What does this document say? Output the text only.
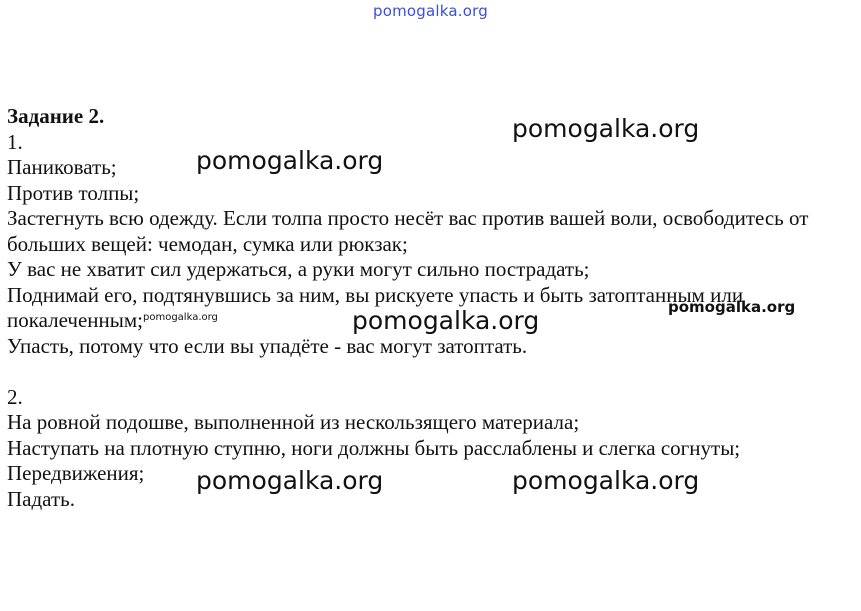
pomogalka.org
Задание 2.
1.
Паниковать;
Против толпы;
Застегнуть всю одежду. Если толпа просто несёт вас против вашей воли, освободитесь от
больших вещей: чемодан, сумка или рюкзак;
У вас не хватит сил удержаться, а руки могут сильно пострадать;
Поднимай его, подтянувшись за ним, вы рискуете упасть и быть затоптанным или
покалеченным;
Упасть, потому что если вы упадёте - вас могут затоптать.
2.
На ровной подошве, выполненной из нескользящего материала;
Наступать на плотную ступню, ноги должны быть расслаблены и слегка согнуты;
Передвижения;
Падать.
pomogalka.org
pomogalka.org
pomogalka.org	pomogalka.org	pomogalka.org
pomogalka.org	pomogalka.org
